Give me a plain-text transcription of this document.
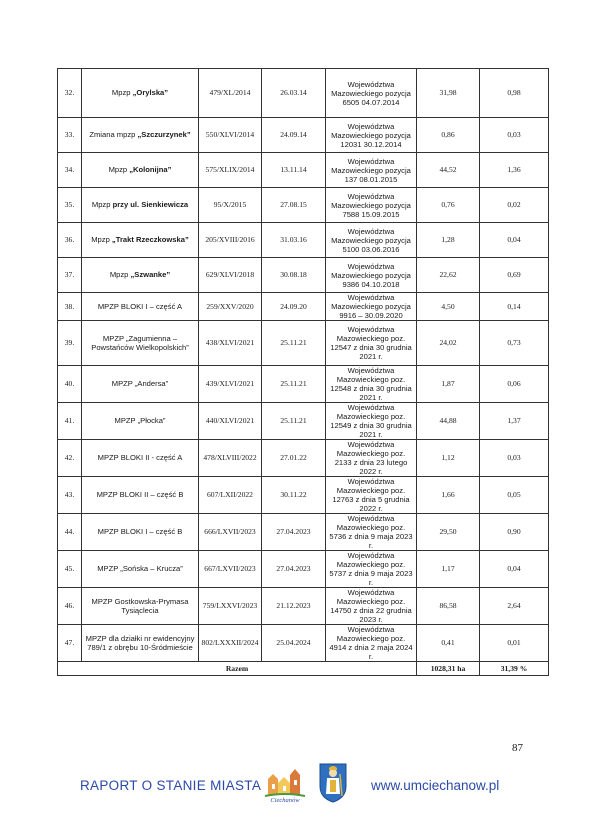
32.	Mpzp „Orylska”	479/XL/2014	26.03.14	Województwa Mazowieckiego pozycja 6505 04.07.2014	31,98	0,98
33.	Zmiana mpzp „Szczurzynek”	550/XLVI/2014	24.09.14	Województwa Mazowieckiego pozycja 12031 30.12.2014	0,86	0,03
34.	Mpzp „Kolonijna”	575/XLIX/2014	13.11.14	Województwa Mazowieckiego pozycja 137 08.01.2015	44,52	1,36
35.	Mpzp przy ul. Sienkiewicza	95/X/2015	27.08.15	Województwa Mazowieckiego pozycja 7588 15.09.2015	0,76	0,02
36.	Mpzp „Trakt Rzeczkowska”	205/XVIII/2016	31.03.16	Województwa Mazowieckiego pozycja 5100 03.06.2016	1,28	0,04
37.	Mpzp „Szwanke”	629/XLVI/2018	30.08.18	Województwa Mazowieckiego pozycja 9386 04.10.2018	22,62	0,69
38.	MPZP BLOKI I – część A	259/XXV/2020	24.09.20	Województwa Mazowieckiego pozycja 9916 – 30.09.2020	4,50	0,14
39.	MPZP „Zagumienna – Powstańców Wielkopolskich”	438/XLVI/2021	25.11.21	Województwa Mazowieckiego poz. 12547 z dnia 30 grudnia 2021 r.	24,02	0,73
40.	MPZP „Andersa”	439/XLVI/2021	25.11.21	Województwa Mazowieckiego poz. 12548 z dnia 30 grudnia 2021 r.	1,87	0,06
41.	MPZP „Płocka”	440/XLVI/2021	25.11.21	Województwa Mazowieckiego poz. 12549 z dnia 30 grudnia 2021 r.	44,88	1,37
42.	MPZP BLOKI II - część A	478/XLVIII/2022	27.01.22	Województwa Mazowieckiego poz. 2133 z dnia 23 lutego 2022 r.	1,12	0,03
43.	MPZP BLOKI II – część B	607/LXII/2022	30.11.22	Województwa Mazowieckiego poz. 12763 z dnia 5 grudnia 2022 r.	1,66	0,05
44.	MPZP BLOKI I – część B	666/LXVII/2023	27.04.2023	Województwa Mazowieckiego poz. 5736 z dnia 9 maja 2023 r.	29,50	0,90
45.	MPZP „Sońska – Krucza”	667/LXVII/2023	27.04.2023	Województwa Mazowieckiego poz. 5737 z dnia 9 maja 2023 r.	1,17	0,04
46.	MPZP Gostkowska-Prymasa Tysiąclecia	759/LXXVI/2023	21.12.2023	Województwa Mazowieckiego poz. 14750 z dnia 22 grudnia 2023 r.	86,58	2,64
47.	MPZP dla działki nr ewidencyjny 789/1 z obrębu 10-Śródmieście	802/LXXXII/2024	25.04.2024	Województwa Mazowieckiego poz. 4914 z dnia 2 maja 2024 r.	0,41	0,01
Razem					1028,31 ha	31,39 %
87
RAPORT O STANIE MIASTA
Ciechanów
www.umciechanow.pl
